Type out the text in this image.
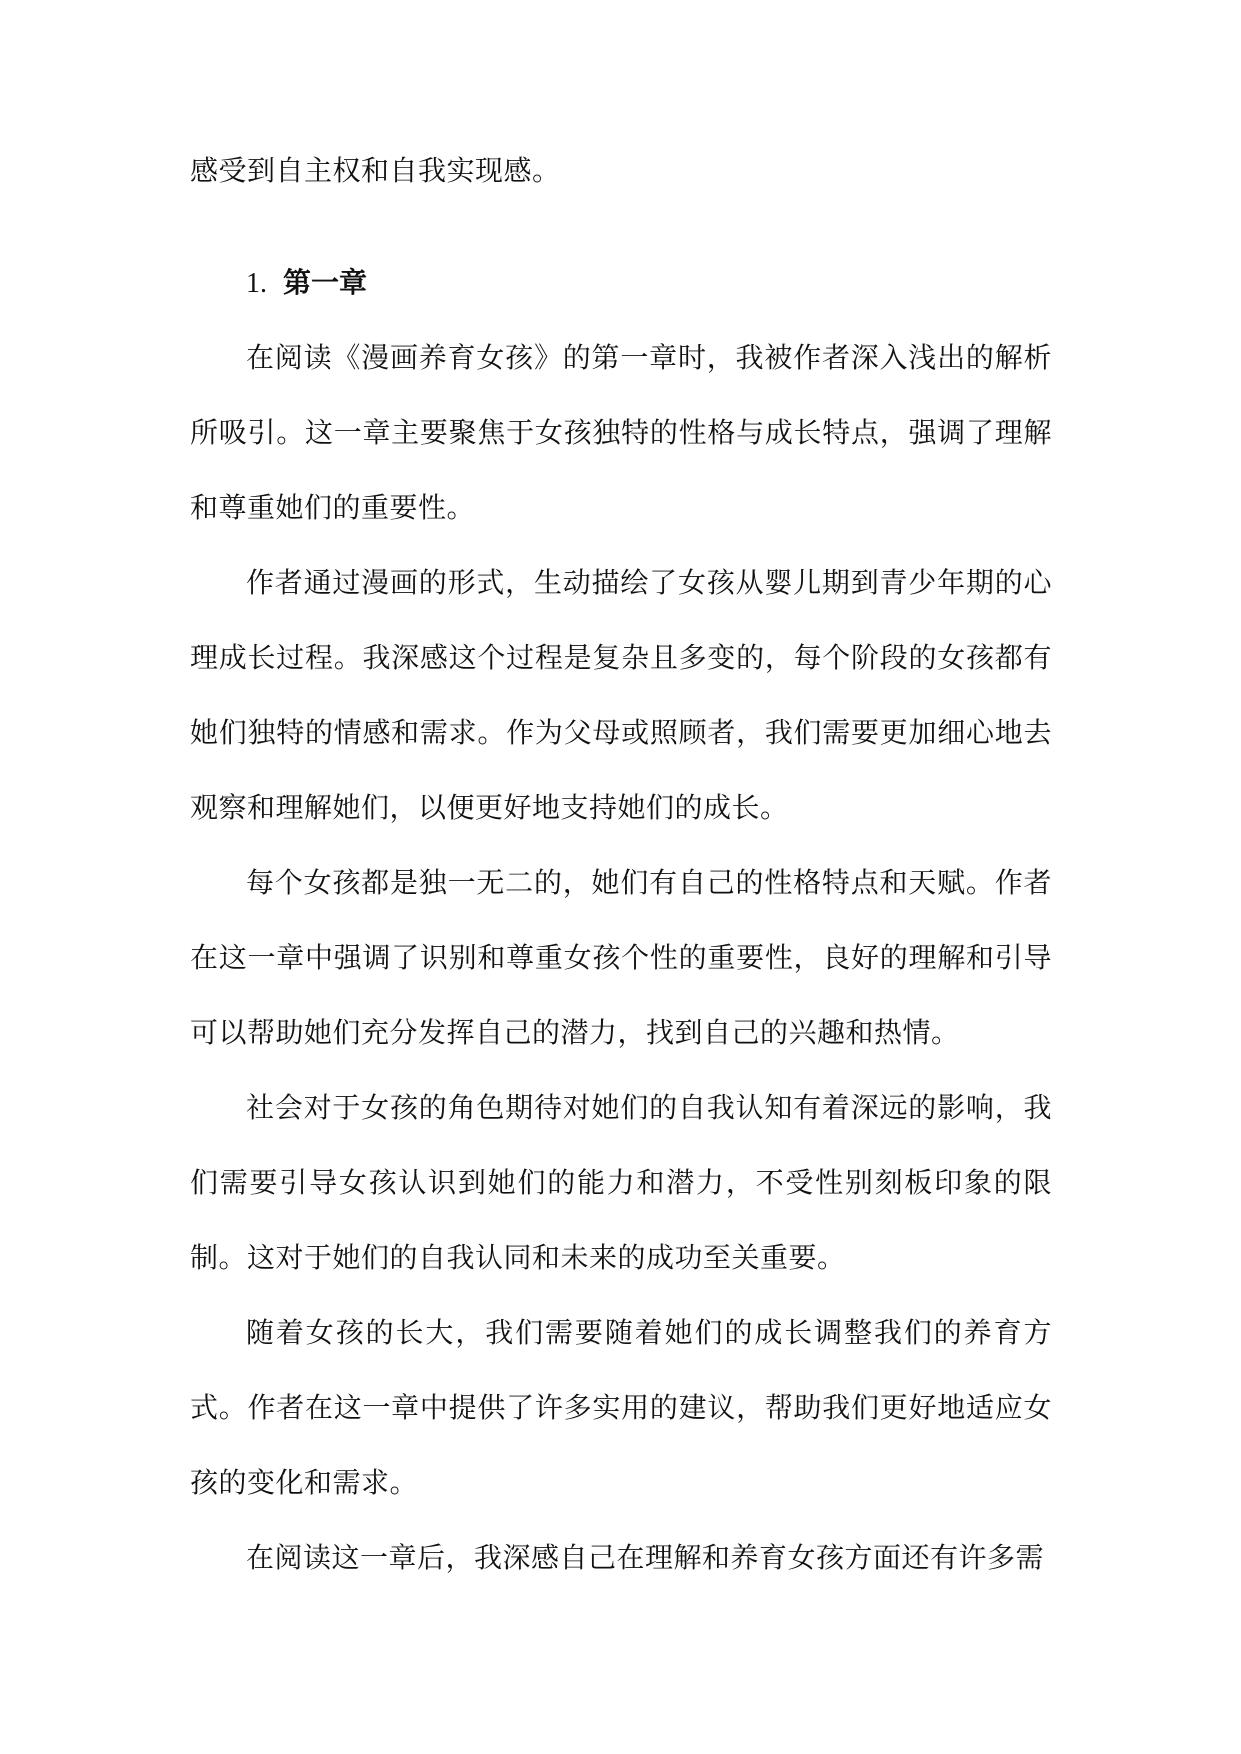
感受到自主权和自我实现感。

1. 第一章

在阅读《漫画养育女孩》的第一章时，我被作者深入浅出的解析所吸引。这一章主要聚焦于女孩独特的性格与成长特点，强调了理解和尊重她们的重要性。

作者通过漫画的形式，生动描绘了女孩从婴儿期到青少年期的心理成长过程。我深感这个过程是复杂且多变的，每个阶段的女孩都有她们独特的情感和需求。作为父母或照顾者，我们需要更加细心地去观察和理解她们，以便更好地支持她们的成长。

每个女孩都是独一无二的，她们有自己的性格特点和天赋。作者在这一章中强调了识别和尊重女孩个性的重要性，良好的理解和引导可以帮助她们充分发挥自己的潜力，找到自己的兴趣和热情。

社会对于女孩的角色期待对她们的自我认知有着深远的影响，我们需要引导女孩认识到她们的能力和潜力，不受性别刻板印象的限制。这对于她们的自我认同和未来的成功至关重要。

随着女孩的长大，我们需要随着她们的成长调整我们的养育方式。作者在这一章中提供了许多实用的建议，帮助我们更好地适应女孩的变化和需求。

在阅读这一章后，我深感自己在理解和养育女孩方面还有许多需
